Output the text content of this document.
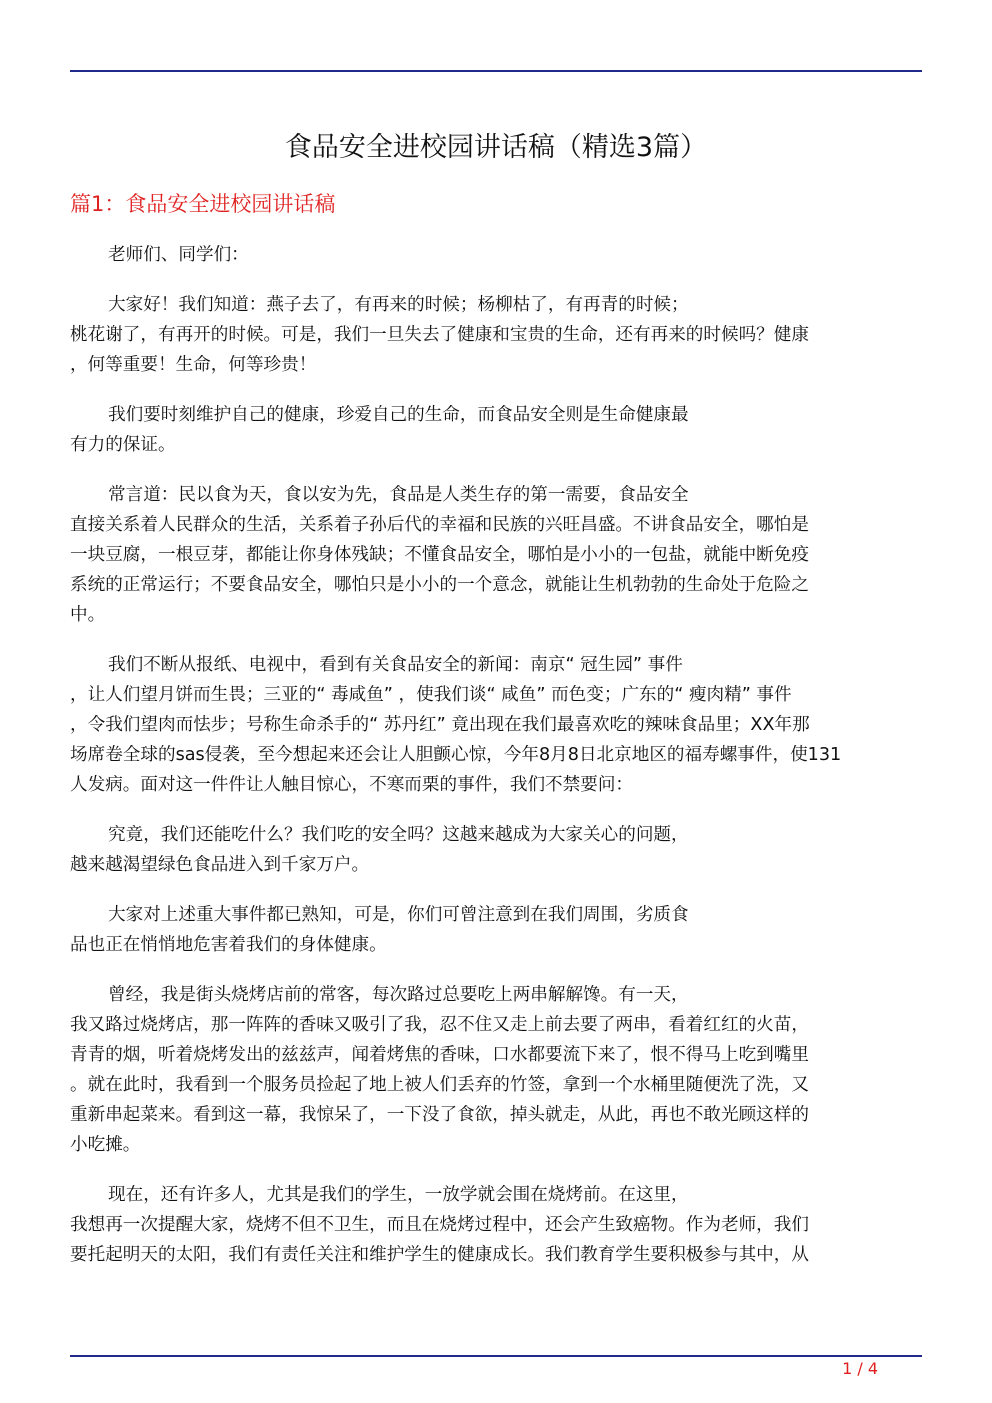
食品安全进校园讲话稿（精选3篇）
篇1：食品安全进校园讲话稿
老师们、同学们：
大家好！我们知道：燕子去了，有再来的时候；杨柳枯了，有再青的时候；
桃花谢了，有再开的时候。可是，我们一旦失去了健康和宝贵的生命，还有再来的时候吗？健康
，何等重要！生命，何等珍贵！
我们要时刻维护自己的健康，珍爱自己的生命，而食品安全则是生命健康最
有力的保证。
常言道：民以食为天，食以安为先，食品是人类生存的第一需要，食品安全
直接关系着人民群众的生活，关系着子孙后代的幸福和民族的兴旺昌盛。不讲食品安全，哪怕是
一块豆腐，一根豆芽，都能让你身体残缺；不懂食品安全，哪怕是小小的一包盐，就能中断免疫
系统的正常运行；不要食品安全，哪怕只是小小的一个意念，就能让生机勃勃的生命处于危险之
中。
我们不断从报纸、电视中，看到有关食品安全的新闻：南京“ 冠生园” 事件
，让人们望月饼而生畏；三亚的“ 毒咸鱼” ，使我们谈“ 咸鱼” 而色变；广东的“ 瘦肉精” 事件
，令我们望肉而怯步；号称生命杀手的“ 苏丹红” 竟出现在我们最喜欢吃的辣味食品里；XX年那
场席卷全球的sas侵袭，至今想起来还会让人胆颤心惊，今年8月8日北京地区的福寿螺事件，使131
人发病。面对这一件件让人触目惊心，不寒而栗的事件，我们不禁要问：
究竟，我们还能吃什么？我们吃的安全吗？这越来越成为大家关心的问题，
越来越渴望绿色食品进入到千家万户。
大家对上述重大事件都已熟知，可是，你们可曾注意到在我们周围，劣质食
品也正在悄悄地危害着我们的身体健康。
曾经，我是街头烧烤店前的常客，每次路过总要吃上两串解解馋。有一天，
我又路过烧烤店，那一阵阵的香味又吸引了我，忍不住又走上前去要了两串，看着红红的火苗，
青青的烟，听着烧烤发出的兹兹声，闻着烤焦的香味，口水都要流下来了，恨不得马上吃到嘴里
。就在此时，我看到一个服务员捡起了地上被人们丢弃的竹签，拿到一个水桶里随便洗了洗，又
重新串起菜来。看到这一幕，我惊呆了，一下没了食欲，掉头就走，从此，再也不敢光顾这样的
小吃摊。
现在，还有许多人，尤其是我们的学生，一放学就会围在烧烤前。在这里，
我想再一次提醒大家，烧烤不但不卫生，而且在烧烤过程中，还会产生致癌物。作为老师，我们
要托起明天的太阳，我们有责任关注和维护学生的健康成长。我们教育学生要积极参与其中，从
1 / 4
